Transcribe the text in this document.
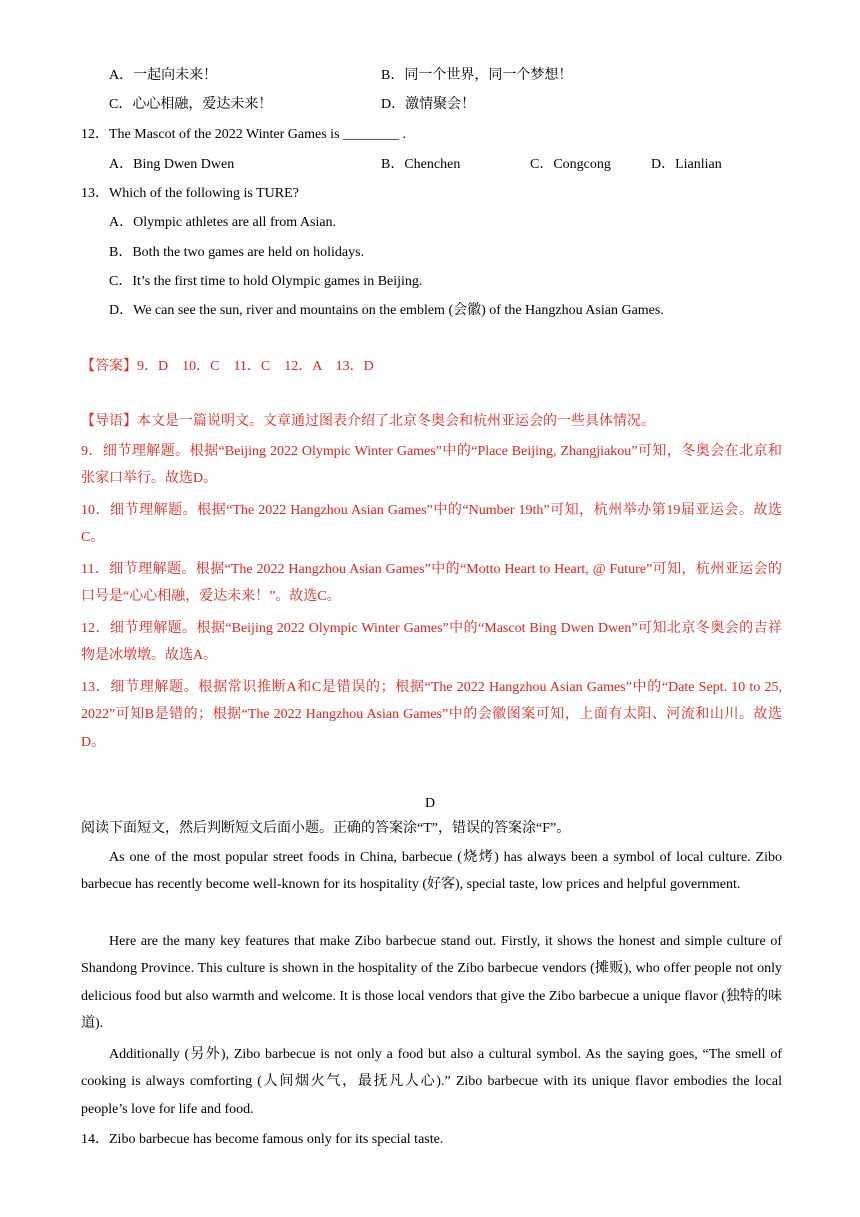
A．一起向未来！	B．同一个世界，同一个梦想！
C．心心相融，爱达未来！	D．激情聚会！
12．The Mascot of the 2022 Winter Games is ________ .
A．Bing Dwen Dwen	B．Chenchen	C．Congcong	D．Lianlian
13．Which of the following is TURE?
A．Olympic athletes are all from Asian.
B．Both the two games are held on holidays.
C．It’s the first time to hold Olympic games in Beijing.
D．We can see the sun, river and mountains on the emblem (会徽) of the Hangzhou Asian Games.
【答案】9．D　10．C　11．C　12．A　13．D
【导语】本文是一篇说明文。文章通过图表介绍了北京冬奥会和杭州亚运会的一些具体情况。
9．细节理解题。根据“Beijing 2022 Olympic Winter Games”中的“Place Beijing, Zhangjiakou”可知，冬奥会在北京和张家口举行。故选D。
10．细节理解题。根据“The 2022 Hangzhou Asian Games”中的“Number 19th”可知，杭州举办第19届亚运会。故选C。
11．细节理解题。根据“The 2022 Hangzhou Asian Games”中的“Motto Heart to Heart, @ Future”可知，杭州亚运会的口号是“心心相融，爱达未来！”。故选C。
12．细节理解题。根据“Beijing 2022 Olympic Winter Games”中的“Mascot Bing Dwen Dwen”可知北京冬奥会的吉祥物是冰墩墩。故选A。
13．细节理解题。根据常识推断A和C是错误的；根据“The 2022 Hangzhou Asian Games”中的“Date Sept. 10 to 25, 2022”可知B是错的；根据“The 2022 Hangzhou Asian Games”中的会徽图案可知，上面有太阳、河流和山川。故选D。
D
阅读下面短文，然后判断短文后面小题。正确的答案涂“T”，错误的答案涂“F”。
As one of the most popular street foods in China, barbecue (烧烤) has always been a symbol of local culture. Zibo barbecue has recently become well-known for its hospitality (好客), special taste, low prices and helpful government.
Here are the many key features that make Zibo barbecue stand out. Firstly, it shows the honest and simple culture of Shandong Province. This culture is shown in the hospitality of the Zibo barbecue vendors (摊贩), who offer people not only delicious food but also warmth and welcome. It is those local vendors that give the Zibo barbecue a unique flavor (独特的味道).
Additionally (另外), Zibo barbecue is not only a food but also a cultural symbol. As the saying goes, “The smell of cooking is always comforting (人间烟火气，最抚凡人心).” Zibo barbecue with its unique flavor embodies the local people’s love for life and food.
14．Zibo barbecue has become famous only for its special taste.
